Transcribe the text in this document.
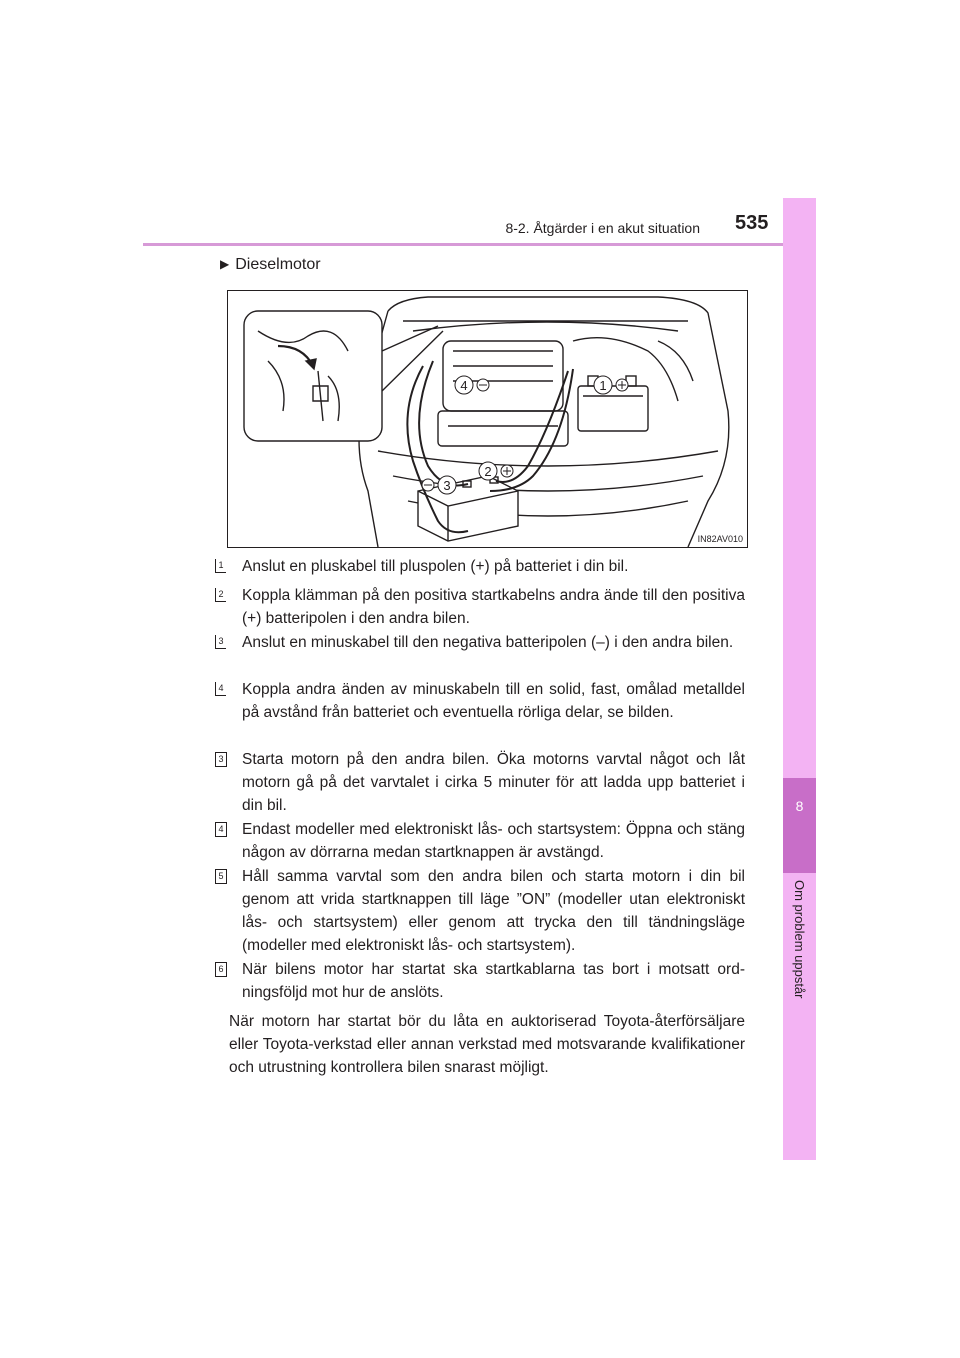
8-2. Åtgärder i en akut situation 535
8
Om problem uppstår
▶ Dieselmotor
4	1
2
3
IN82AV010
1 Anslut en pluskabel till pluspolen (+) på batteriet i din bil.
2 Koppla klämman på den positiva startkabelns andra ände till den positiva (+) batteripolen i den andra bilen.
3 Anslut en minuskabel till den negativa batteripolen (–) i den andra bilen.
4 Koppla andra änden av minuskabeln till en solid, fast, omålad metalldel på avstånd från batteriet och eventuella rörliga delar, se bilden.
3 Starta motorn på den andra bilen. Öka motorns varvtal något och låt motorn gå på det varvtalet i cirka 5 minuter för att ladda upp batteriet i din bil.
4 Endast modeller med elektroniskt lås- och startsystem: Öppna och stäng någon av dörrarna medan startknappen är avstängd.
5 Håll samma varvtal som den andra bilen och starta motorn i din bil genom att vrida startknappen till läge ”ON” (modeller utan elektroniskt lås- och startsystem) eller genom att trycka den till tändningsläge (modeller med elektroniskt lås- och startsystem).
6 När bilens motor har startat ska startkablarna tas bort i motsatt ordningsföljd mot hur de anslöts.
När motorn har startat bör du låta en auktoriserad Toyota-återförsäljare eller Toyota-verkstad eller annan verkstad med motsvarande kvalifikationer och utrustning kontrollera bilen snarast möjligt.
